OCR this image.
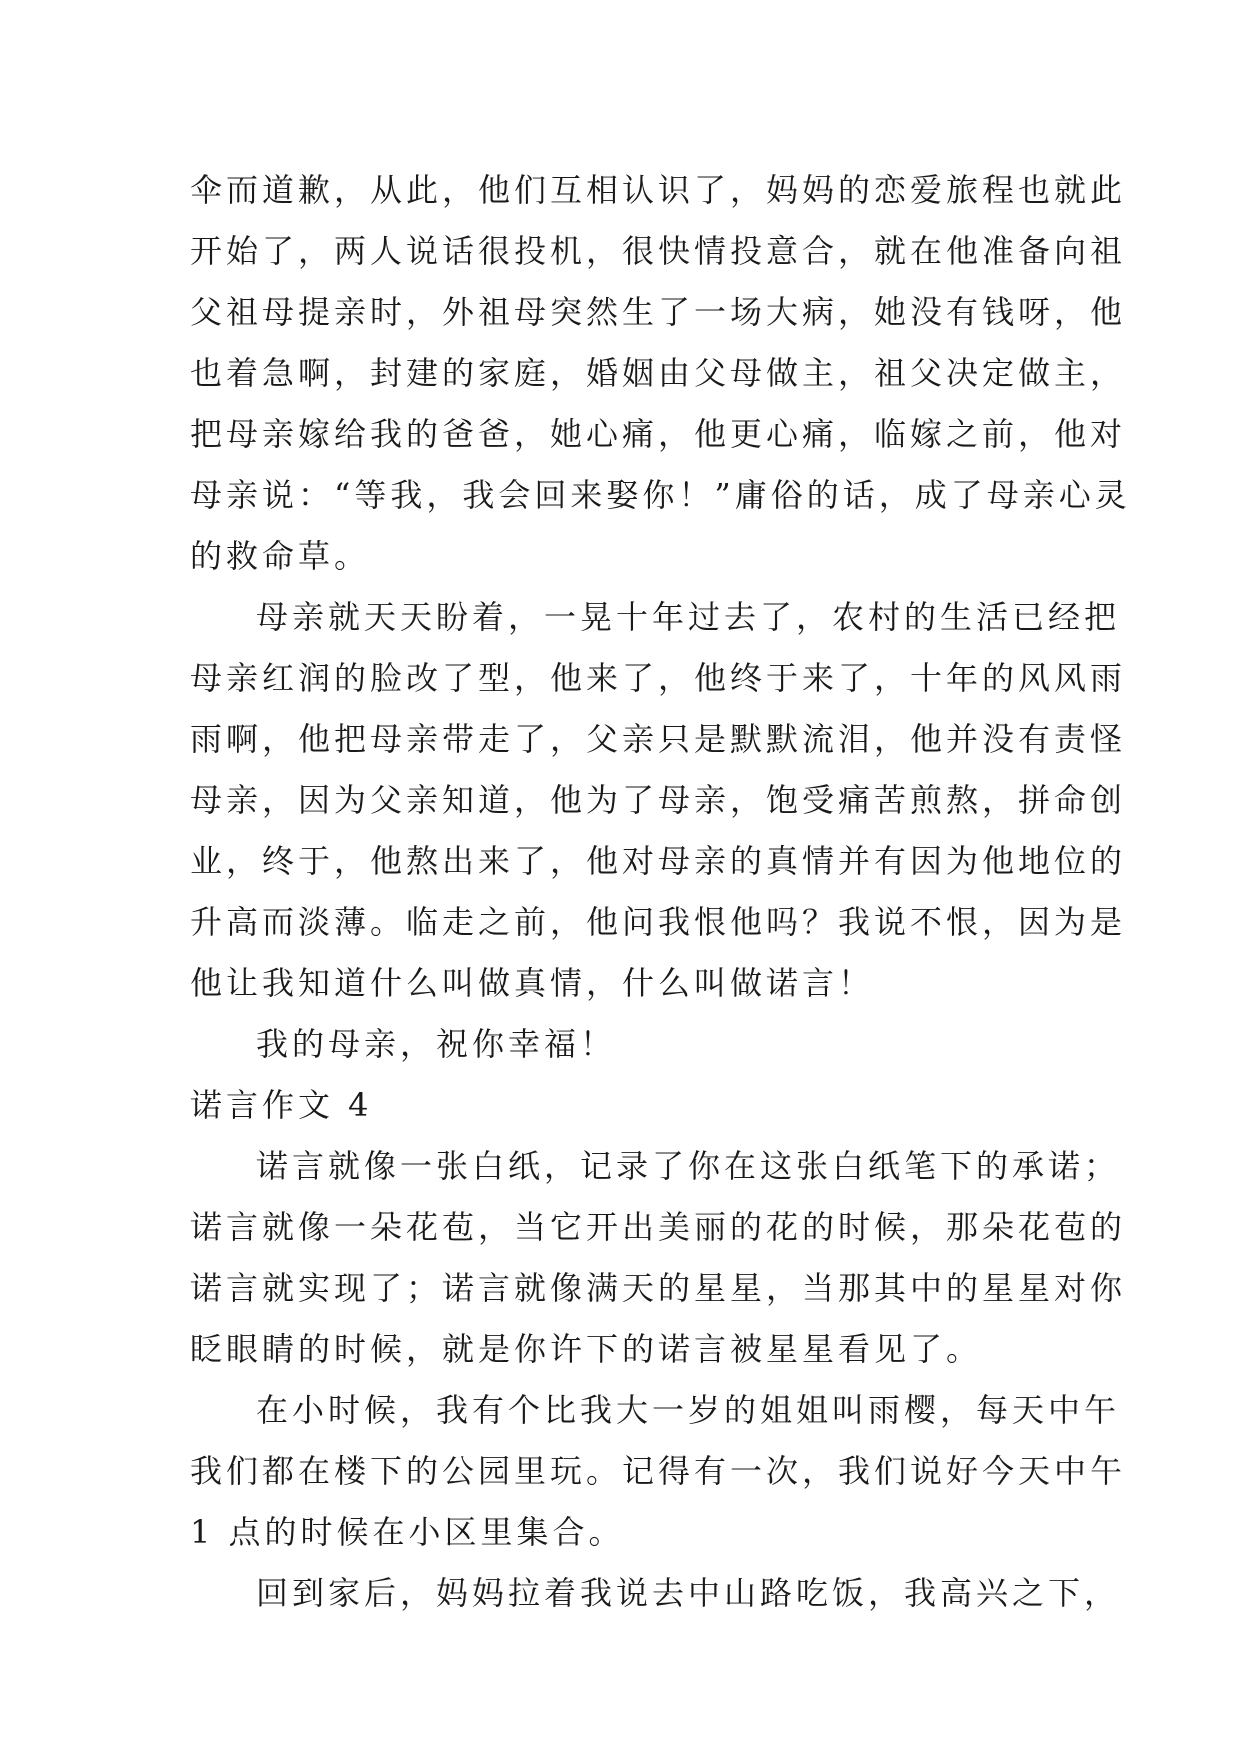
伞而道歉，从此，他们互相认识了，妈妈的恋爱旅程也就此
开始了，两人说话很投机，很快情投意合，就在他准备向祖
父祖母提亲时，外祖母突然生了一场大病，她没有钱呀，他
也着急啊，封建的家庭，婚姻由父母做主，祖父决定做主，
把母亲嫁给我的爸爸，她心痛，他更心痛，临嫁之前，他对
母亲说：“等我，我会回来娶你！”庸俗的话，成了母亲心灵
的救命草。
母亲就天天盼着，一晃十年过去了，农村的生活已经把
母亲红润的脸改了型，他来了，他终于来了，十年的风风雨
雨啊，他把母亲带走了，父亲只是默默流泪，他并没有责怪
母亲，因为父亲知道，他为了母亲，饱受痛苦煎熬，拼命创
业，终于，他熬出来了，他对母亲的真情并有因为他地位的
升高而淡薄。临走之前，他问我恨他吗？我说不恨，因为是
他让我知道什么叫做真情，什么叫做诺言！
我的母亲，祝你幸福！
诺言作文 4
诺言就像一张白纸，记录了你在这张白纸笔下的承诺；
诺言就像一朵花苞，当它开出美丽的花的时候，那朵花苞的
诺言就实现了；诺言就像满天的星星，当那其中的星星对你
眨眼睛的时候，就是你许下的诺言被星星看见了。
在小时候，我有个比我大一岁的姐姐叫雨樱，每天中午
我们都在楼下的公园里玩。记得有一次，我们说好今天中午
1 点的时候在小区里集合。
回到家后，妈妈拉着我说去中山路吃饭，我高兴之下，
